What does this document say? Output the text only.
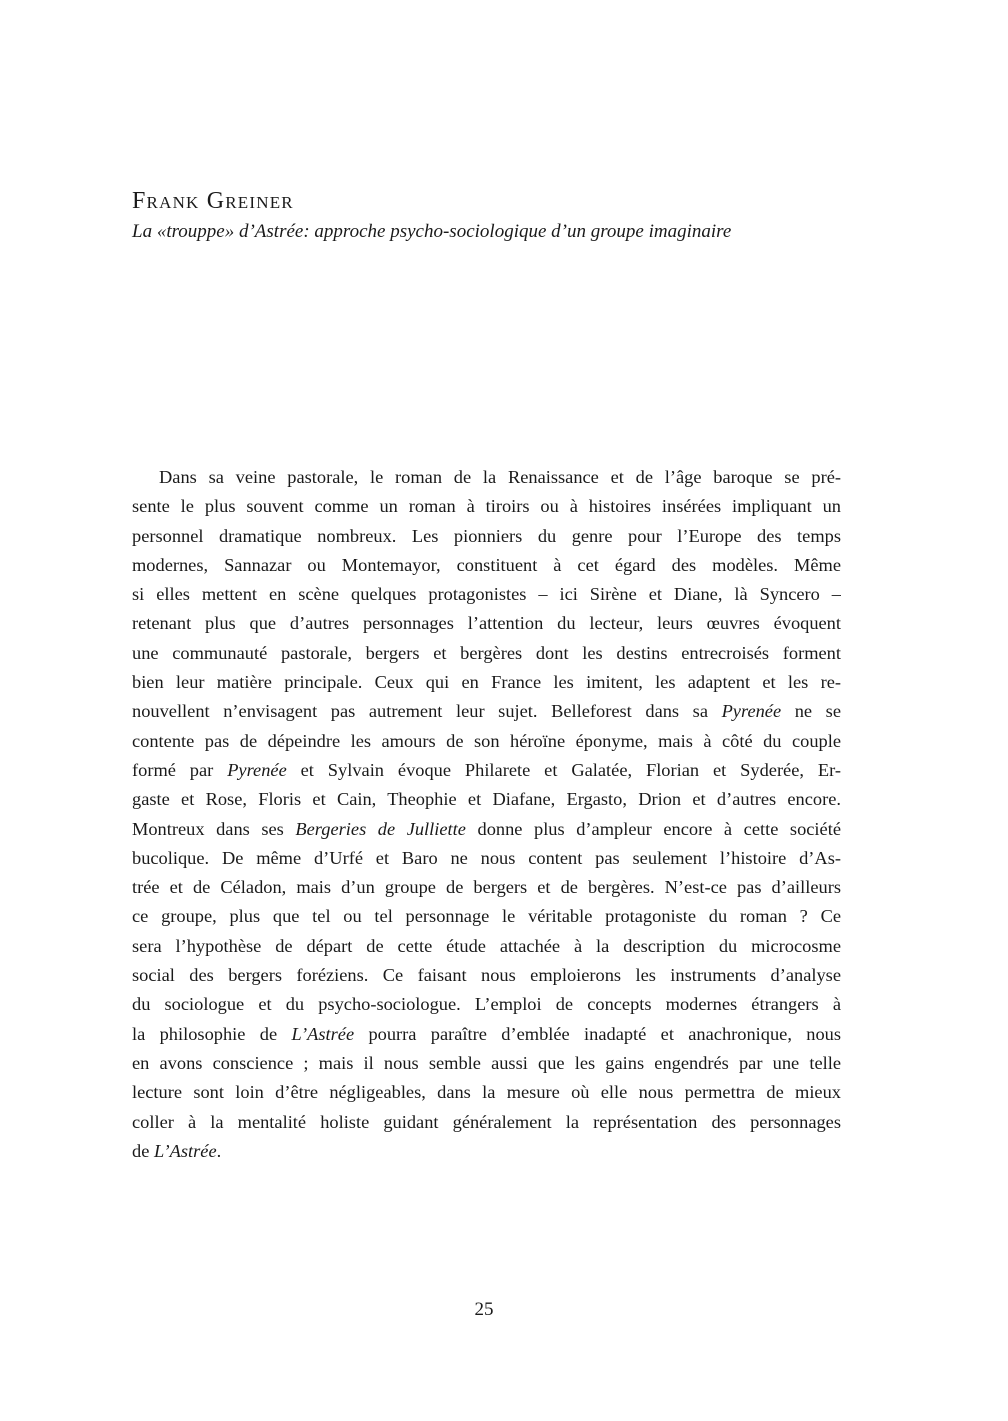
Frank Greiner
La «trouppe» d’Astrée: approche psycho-sociologique d’un groupe imaginaire
Dans sa veine pastorale, le roman de la Renaissance et de l’âge baroque se pré-
sente le plus souvent comme un roman à tiroirs ou à histoires insérées impliquant un
personnel dramatique nombreux. Les pionniers du genre pour l’Europe des temps
modernes, Sannazar ou Montemayor, constituent à cet égard des modèles. Même
si elles mettent en scène quelques protagonistes – ici Sirène et Diane, là Syncero –
retenant plus que d’autres personnages l’attention du lecteur, leurs œuvres évoquent
une communauté pastorale, bergers et bergères dont les destins entrecroisés forment
bien leur matière principale. Ceux qui en France les imitent, les adaptent et les re-
nouvellent n’envisagent pas autrement leur sujet. Belleforest dans sa Pyrenée ne se
contente pas de dépeindre les amours de son héroïne éponyme, mais à côté du couple
formé par Pyrenée et Sylvain évoque Philarete et Galatée, Florian et Syderée, Er-
gaste et Rose, Floris et Cain, Theophie et Diafane, Ergasto, Drion et d’autres encore.
Montreux dans ses Bergeries de Julliette donne plus d’ampleur encore à cette société
bucolique. De même d’Urfé et Baro ne nous content pas seulement l’histoire d’As-
trée et de Céladon, mais d’un groupe de bergers et de bergères. N’est-ce pas d’ailleurs
ce groupe, plus que tel ou tel personnage le véritable protagoniste du roman ? Ce
sera l’hypothèse de départ de cette étude attachée à la description du microcosme
social des bergers foréziens. Ce faisant nous emploierons les instruments d’analyse
du sociologue et du psycho-sociologue. L’emploi de concepts modernes étrangers à
la philosophie de L’Astrée pourra paraître d’emblée inadapté et anachronique, nous
en avons conscience ; mais il nous semble aussi que les gains engendrés par une telle
lecture sont loin d’être négligeables, dans la mesure où elle nous permettra de mieux
coller à la mentalité holiste guidant généralement la représentation des personnages
de L’Astrée.
25
